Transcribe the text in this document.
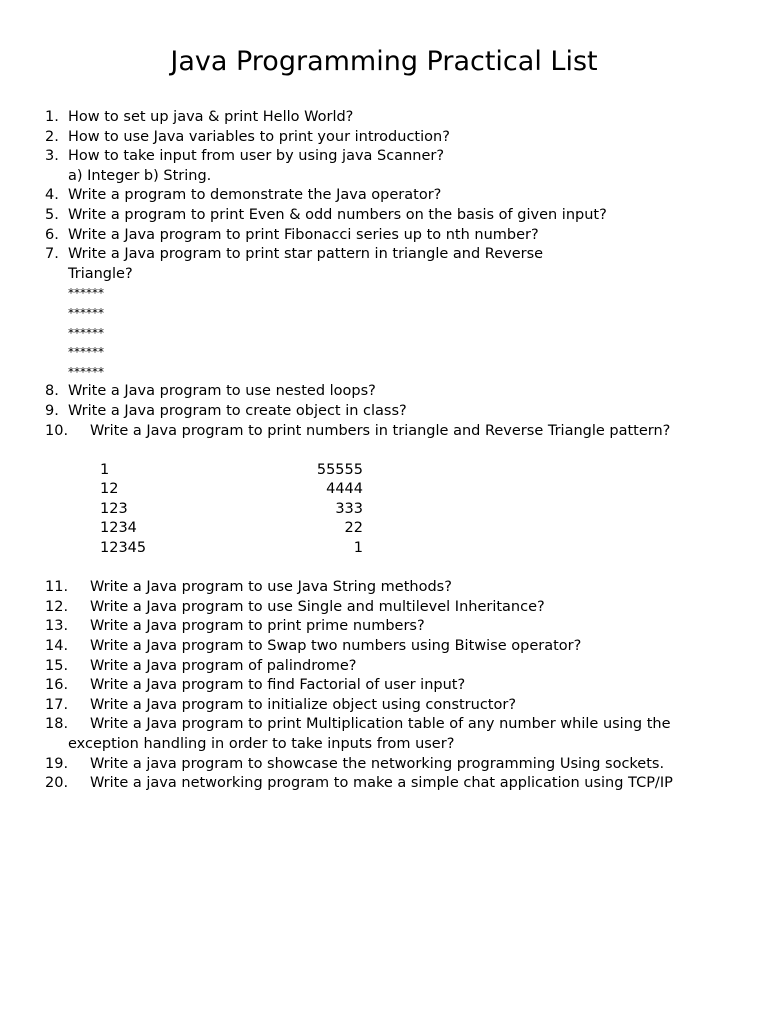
Java Programming Practical List
1. How to set up java & print Hello World?
2. How to use Java variables to print your introduction?
3. How to take input from user by using java Scanner?
a) Integer b) String.
4. Write a program to demonstrate the Java operator?
5. Write a program to print Even & odd numbers on the basis of given input?
6. Write a Java program to print Fibonacci series up to nth number?
7. Write a Java program to print star pattern in triangle and Reverse
Triangle?
******
******
******
******
******
8. Write a Java program to use nested loops?
9. Write a Java program to create object in class?
10. Write a Java program to print numbers in triangle and Reverse Triangle pattern?
1	55555
12	4444
123	333
1234	22
12345	1
11. Write a Java program to use Java String methods?
12. Write a Java program to use Single and multilevel Inheritance?
13. Write a Java program to print prime numbers?
14. Write a Java program to Swap two numbers using Bitwise operator?
15. Write a Java program of palindrome?
16. Write a Java program to find Factorial of user input?
17. Write a Java program to initialize object using constructor?
18. Write a Java program to print Multiplication table of any number while using the
exception handling in order to take inputs from user?
19. Write a java program to showcase the networking programming Using sockets.
20. Write a java networking program to make a simple chat application using TCP/IP
